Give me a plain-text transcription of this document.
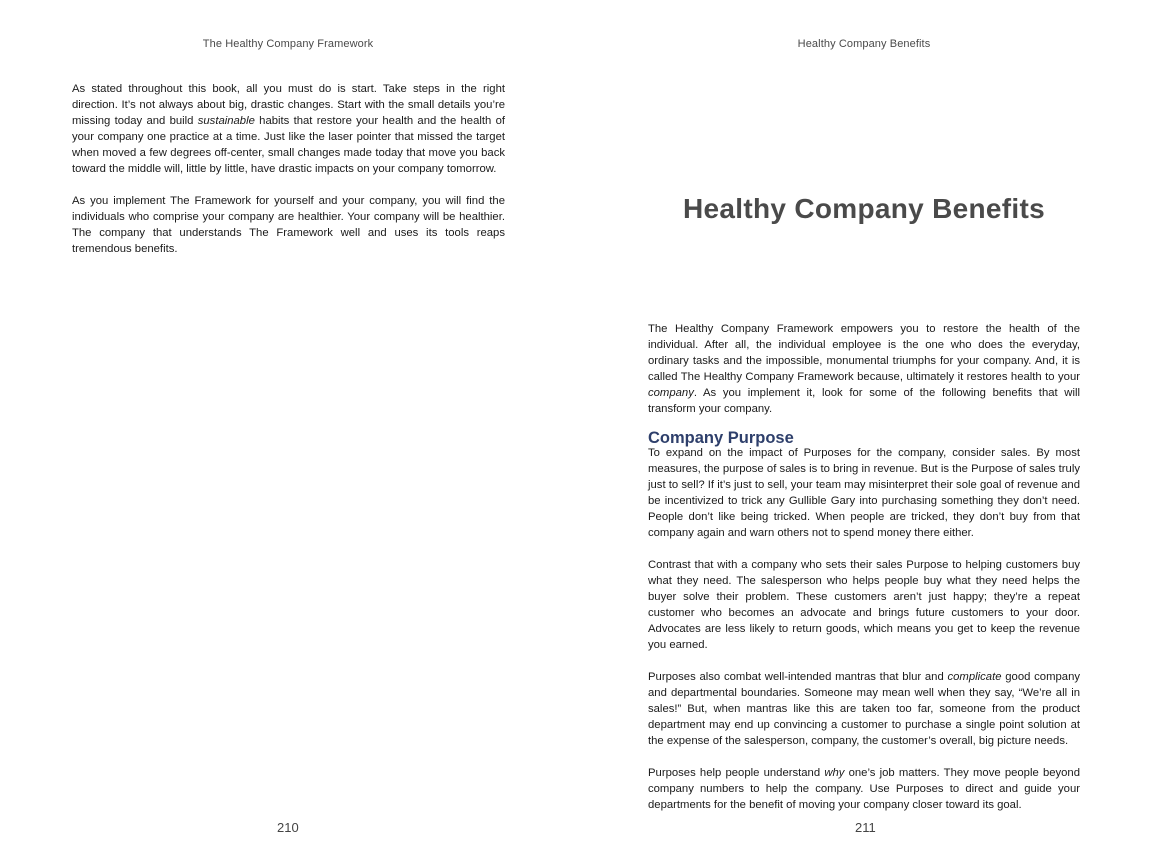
The Healthy Company Framework

As stated throughout this book, all you must do is start. Take steps in the right direction. It’s not always about big, drastic changes. Start with the small details you’re missing today and build sustainable habits that restore your health and the health of your company one practice at a time. Just like the laser pointer that missed the target when moved a few degrees off-center, small changes made today that move you back toward the middle will, little by little, have drastic impacts on your company tomorrow.

As you implement The Framework for yourself and your company, you will find the individuals who comprise your company are healthier. Your company will be healthier. The company that understands The Framework well and uses its tools reaps tremendous benefits.

210
Healthy Company Benefits
Healthy Company Benefits

The Healthy Company Framework empowers you to restore the health of the individual. After all, the individual employee is the one who does the everyday, ordinary tasks and the impossible, monumental triumphs for your company. And, it is called The Healthy Company Framework because, ultimately it restores health to your company. As you implement it, look for some of the following benefits that will transform your company.

Company Purpose

To expand on the impact of Purposes for the company, consider sales. By most measures, the purpose of sales is to bring in revenue. But is the Purpose of sales truly just to sell? If it’s just to sell, your team may misinterpret their sole goal of revenue and be incentivized to trick any Gullible Gary into purchasing something they don’t need. People don’t like being tricked. When people are tricked, they don’t buy from that company again and warn others not to spend money there either.

Contrast that with a company who sets their sales Purpose to helping customers buy what they need. The salesperson who helps people buy what they need helps the buyer solve their problem. These customers aren’t just happy; they’re a repeat customer who becomes an advocate and brings future customers to your door. Advocates are less likely to return goods, which means you get to keep the revenue you earned.

Purposes also combat well-intended mantras that blur and complicate good company and departmental boundaries. Someone may mean well when they say, “We’re all in sales!” But, when mantras like this are taken too far, someone from the product department may end up convincing a customer to purchase a single point solution at the expense of the salesperson, company, the customer’s overall, big picture needs.

Purposes help people understand why one’s job matters. They move people beyond company numbers to help the company. Use Purposes to direct and guide your departments for the benefit of moving your company closer toward its goal.

211
